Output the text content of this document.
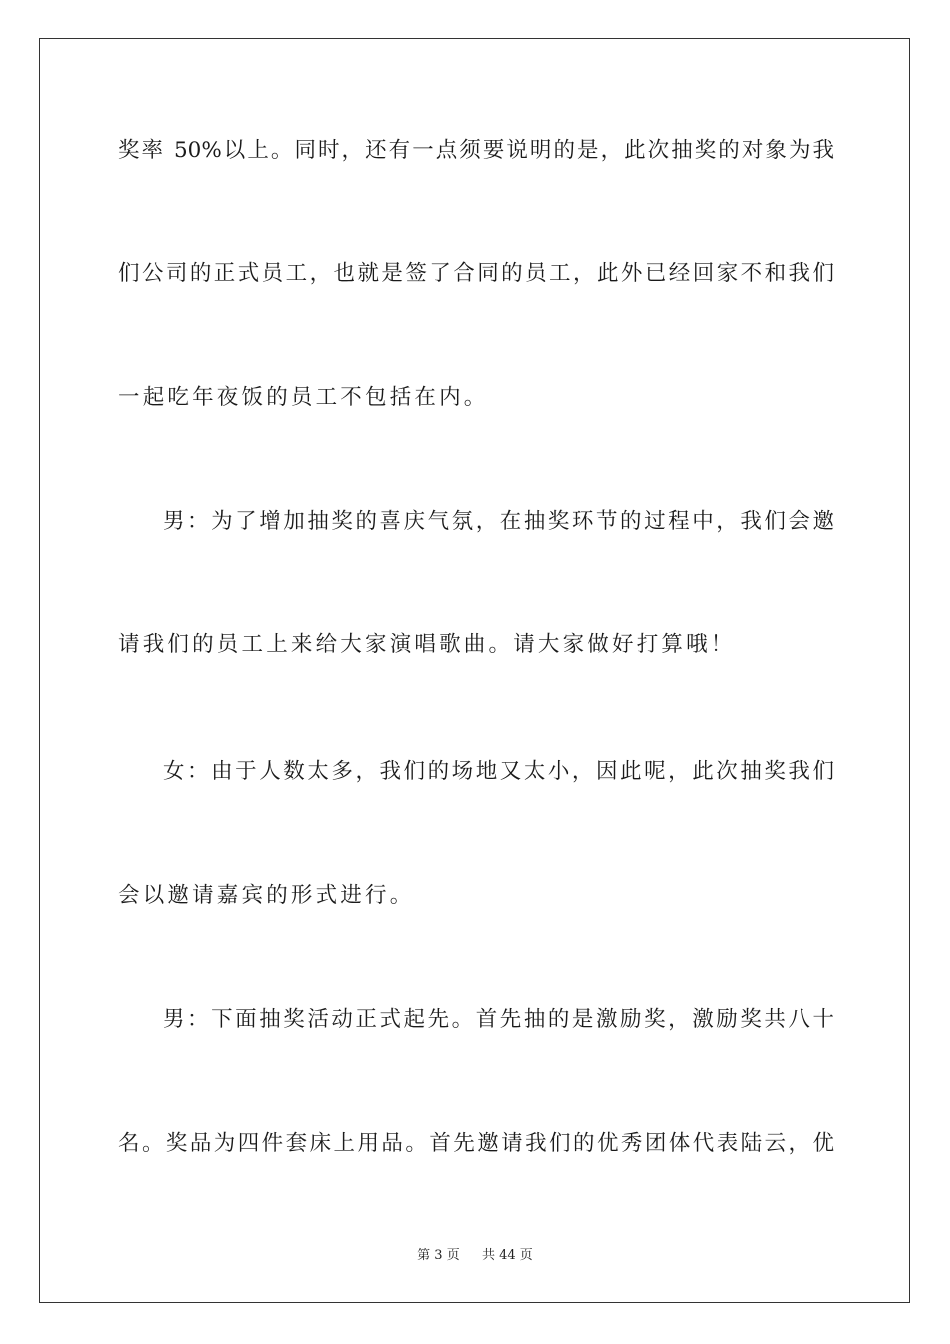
奖率 50%以上。同时，还有一点须要说明的是，此次抽奖的对象为我
们公司的正式员工，也就是签了合同的员工，此外已经回家不和我们
一起吃年夜饭的员工不包括在内。
男：为了增加抽奖的喜庆气氛，在抽奖环节的过程中，我们会邀
请我们的员工上来给大家演唱歌曲。请大家做好打算哦！
女：由于人数太多，我们的场地又太小，因此呢，此次抽奖我们
会以邀请嘉宾的形式进行。
男：下面抽奖活动正式起先。首先抽的是激励奖，激励奖共八十
名。奖品为四件套床上用品。首先邀请我们的优秀团体代表陆云，优
第 3 页 共 44 页
